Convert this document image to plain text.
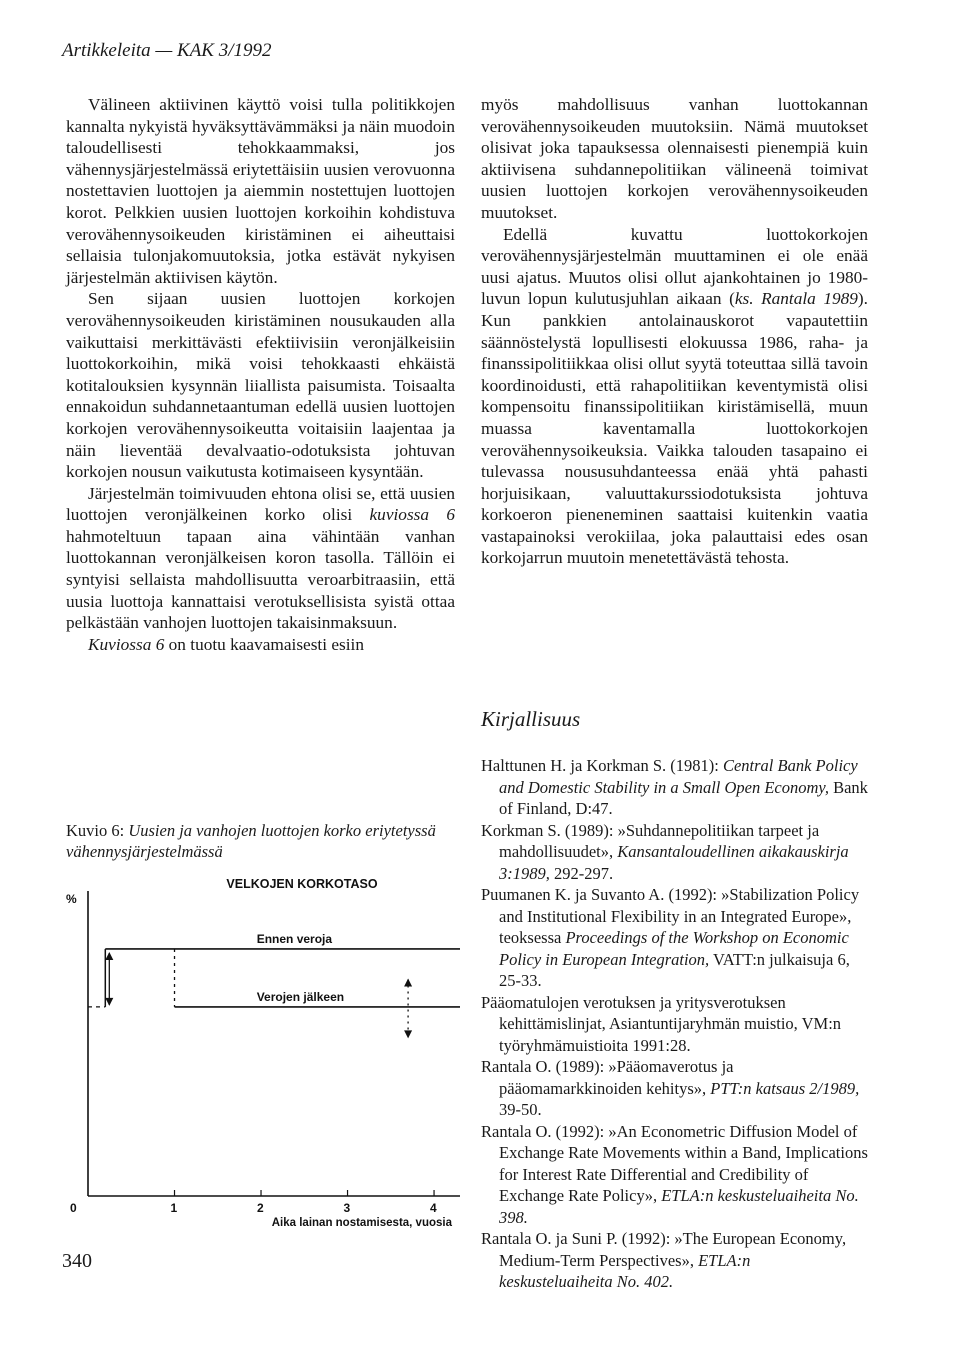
Artikkeleita — KAK 3/1992

Välineen aktiivinen käyttö voisi tulla politikkojen kannalta nykyistä hyväksyttävämmäksi ja näin muodoin taloudellisesti tehokkaammaksi, jos vähennysjärjestelmässä eriytettäisiin uusien verovuonna nostettavien luottojen ja aiemmin nostettujen luottojen korot. Pelkkien uusien luottojen korkoihin kohdistuva verovähennysoikeuden kiristäminen ei aiheuttaisi sellaisia tulonjakomuutoksia, jotka estävät nykyisen järjestelmän aktiivisen käytön.

Sen sijaan uusien luottojen korkojen verovähennysoikeuden kiristäminen nousukauden alla vaikuttaisi merkittävästi efektiivisiin veronjälkeisiin luottokorkoihin, mikä voisi tehokkaasti ehkäistä kotitalouksien kysynnän liiallista paisumista. Toisaalta ennakoidun suhdannetaantuman edellä uusien luottojen korkojen verovähennysoikeutta voitaisiin laajentaa ja näin lieventää devalvaatio-odotuksista johtuvan korkojen nousun vaikutusta kotimaiseen kysyntään.

Järjestelmän toimivuuden ehtona olisi se, että uusien luottojen veronjälkeinen korko olisi kuviossa 6 hahmoteltuun tapaan aina vähintään vanhan luottokannan veronjälkeisen koron tasolla. Tällöin ei syntyisi sellaista mahdollisuutta veroarbitraasiin, että uusia luottoja kannattaisi verotuksellisista syistä ottaa pelkästään vanhojen luottojen takaisinmaksuun.

Kuviossa 6 on tuotu kaavamaisesti esiin

Kuvio 6: Uusien ja vanhojen luottojen korko eriytetyssä vähennysjärjestelmässä
%
VELKOJEN KORKOTASO
0	1	2	3	4
Aika lainan nostamisesta, vuosia
Ennen veroja
Verojen jälkeen

myös mahdollisuus vanhan luottokannan verovähennysoikeuden muutoksiin. Nämä muutokset olisivat joka tapauksessa olennaisesti pienempiä kuin aktiivisena suhdannepolitiikan välineenä toimivat uusien luottojen korkojen verovähennysoikeuden muutokset.

Edellä kuvattu luottokorkojen verovähennysjärjestelmän muuttaminen ei ole enää uusi ajatus. Muutos olisi ollut ajankohtainen jo 1980-luvun lopun kulutusjuhlan aikaan (ks. Rantala 1989). Kun pankkien antolainauskorot vapautettiin säännöstelystä lopullisesti elokuussa 1986, raha- ja finanssipolitiikkaa olisi ollut syytä toteuttaa sillä tavoin koordinoidusti, että rahapolitiikan keventymistä olisi kompensoitu finanssipolitiikan kiristämisellä, muun muassa kaventamalla luottokorkojen verovähennysoikeuksia. Vaikka talouden tasapaino ei tulevassa noususuhdanteessa enää yhtä pahasti horjuisikaan, valuuttakurssiodotuksista johtuva korkoeron pieneneminen saattaisi kuitenkin vaatia vastapainoksi verokiilaa, joka palauttaisi edes osan korkojarrun muutoin menetettävästä tehosta.

Kirjallisuus

Halttunen H. ja Korkman S. (1981): Central Bank Policy and Domestic Stability in a Small Open Economy, Bank of Finland, D:47.

Korkman S. (1989): »Suhdannepolitiikan tarpeet ja mahdollisuudet», Kansantaloudellinen aikakauskirja 3:1989, 292-297.

Puumanen K. ja Suvanto A. (1992): »Stabilization Policy and Institutional Flexibility in an Integrated Europe», teoksessa Proceedings of the Workshop on Economic Policy in European Integration, VATT:n julkaisuja 6, 25-33.

Pääomatulojen verotuksen ja yritysverotuksen kehittämislinjat, Asiantuntijaryhmän muistio, VM:n työryhmämuistioita 1991:28.

Rantala O. (1989): »Pääomaverotus ja pääomamarkkinoiden kehitys», PTT:n katsaus 2/1989, 39-50.

Rantala O. (1992): »An Econometric Diffusion Model of Exchange Rate Movements within a Band, Implications for Interest Rate Differential and Credibility of Exchange Rate Policy», ETLA:n keskusteluaiheita No. 398.

Rantala O. ja Suni P. (1992): »The European Economy, Medium-Term Perspectives», ETLA:n keskusteluaiheita No. 402.

340
